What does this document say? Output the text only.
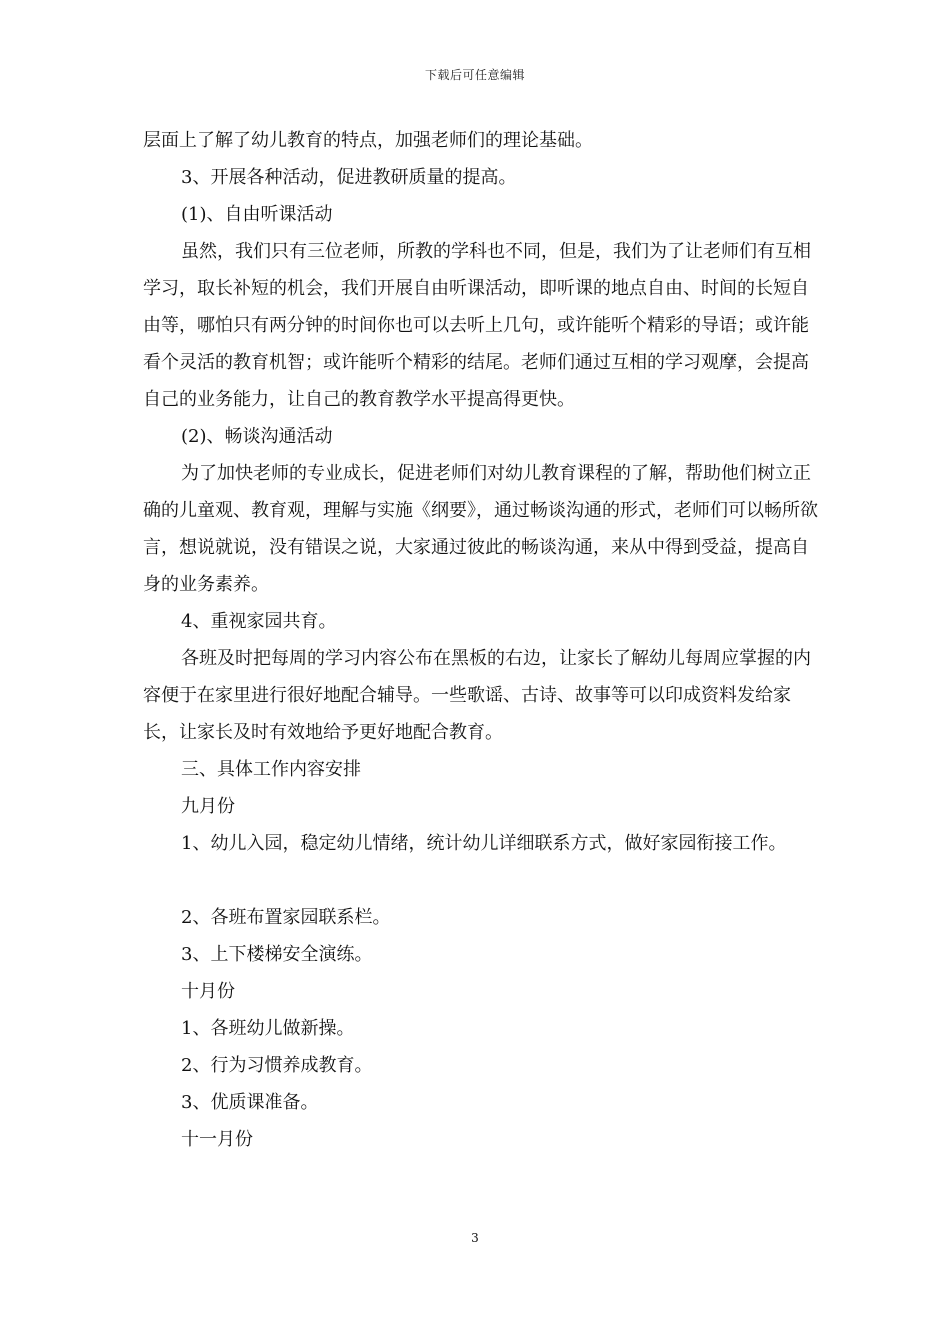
下载后可任意编辑

层面上了解了幼儿教育的特点，加强老师们的理论基础。

3、开展各种活动，促进教研质量的提高。

(1)、自由听课活动

虽然，我们只有三位老师，所教的学科也不同，但是，我们为了让老师们有互相学习，取长补短的机会，我们开展自由听课活动，即听课的地点自由、时间的长短自由等，哪怕只有两分钟的时间你也可以去听上几句，或许能听个精彩的导语；或许能看个灵活的教育机智；或许能听个精彩的结尾。老师们通过互相的学习观摩，会提高自己的业务能力，让自己的教育教学水平提高得更快。

(2)、畅谈沟通活动

为了加快老师的专业成长，促进老师们对幼儿教育课程的了解，帮助他们树立正确的儿童观、教育观，理解与实施《纲要》，通过畅谈沟通的形式，老师们可以畅所欲言，想说就说，没有错误之说，大家通过彼此的畅谈沟通，来从中得到受益，提高自身的业务素养。

4、重视家园共育。

各班及时把每周的学习内容公布在黑板的右边，让家长了解幼儿每周应掌握的内容便于在家里进行很好地配合辅导。一些歌谣、古诗、故事等可以印成资料发给家长，让家长及时有效地给予更好地配合教育。

三、具体工作内容安排

九月份

1、幼儿入园，稳定幼儿情绪，统计幼儿详细联系方式，做好家园衔接工作。

2、各班布置家园联系栏。

3、上下楼梯安全演练。

十月份

1、各班幼儿做新操。

2、行为习惯养成教育。

3、优质课准备。

十一月份

3
